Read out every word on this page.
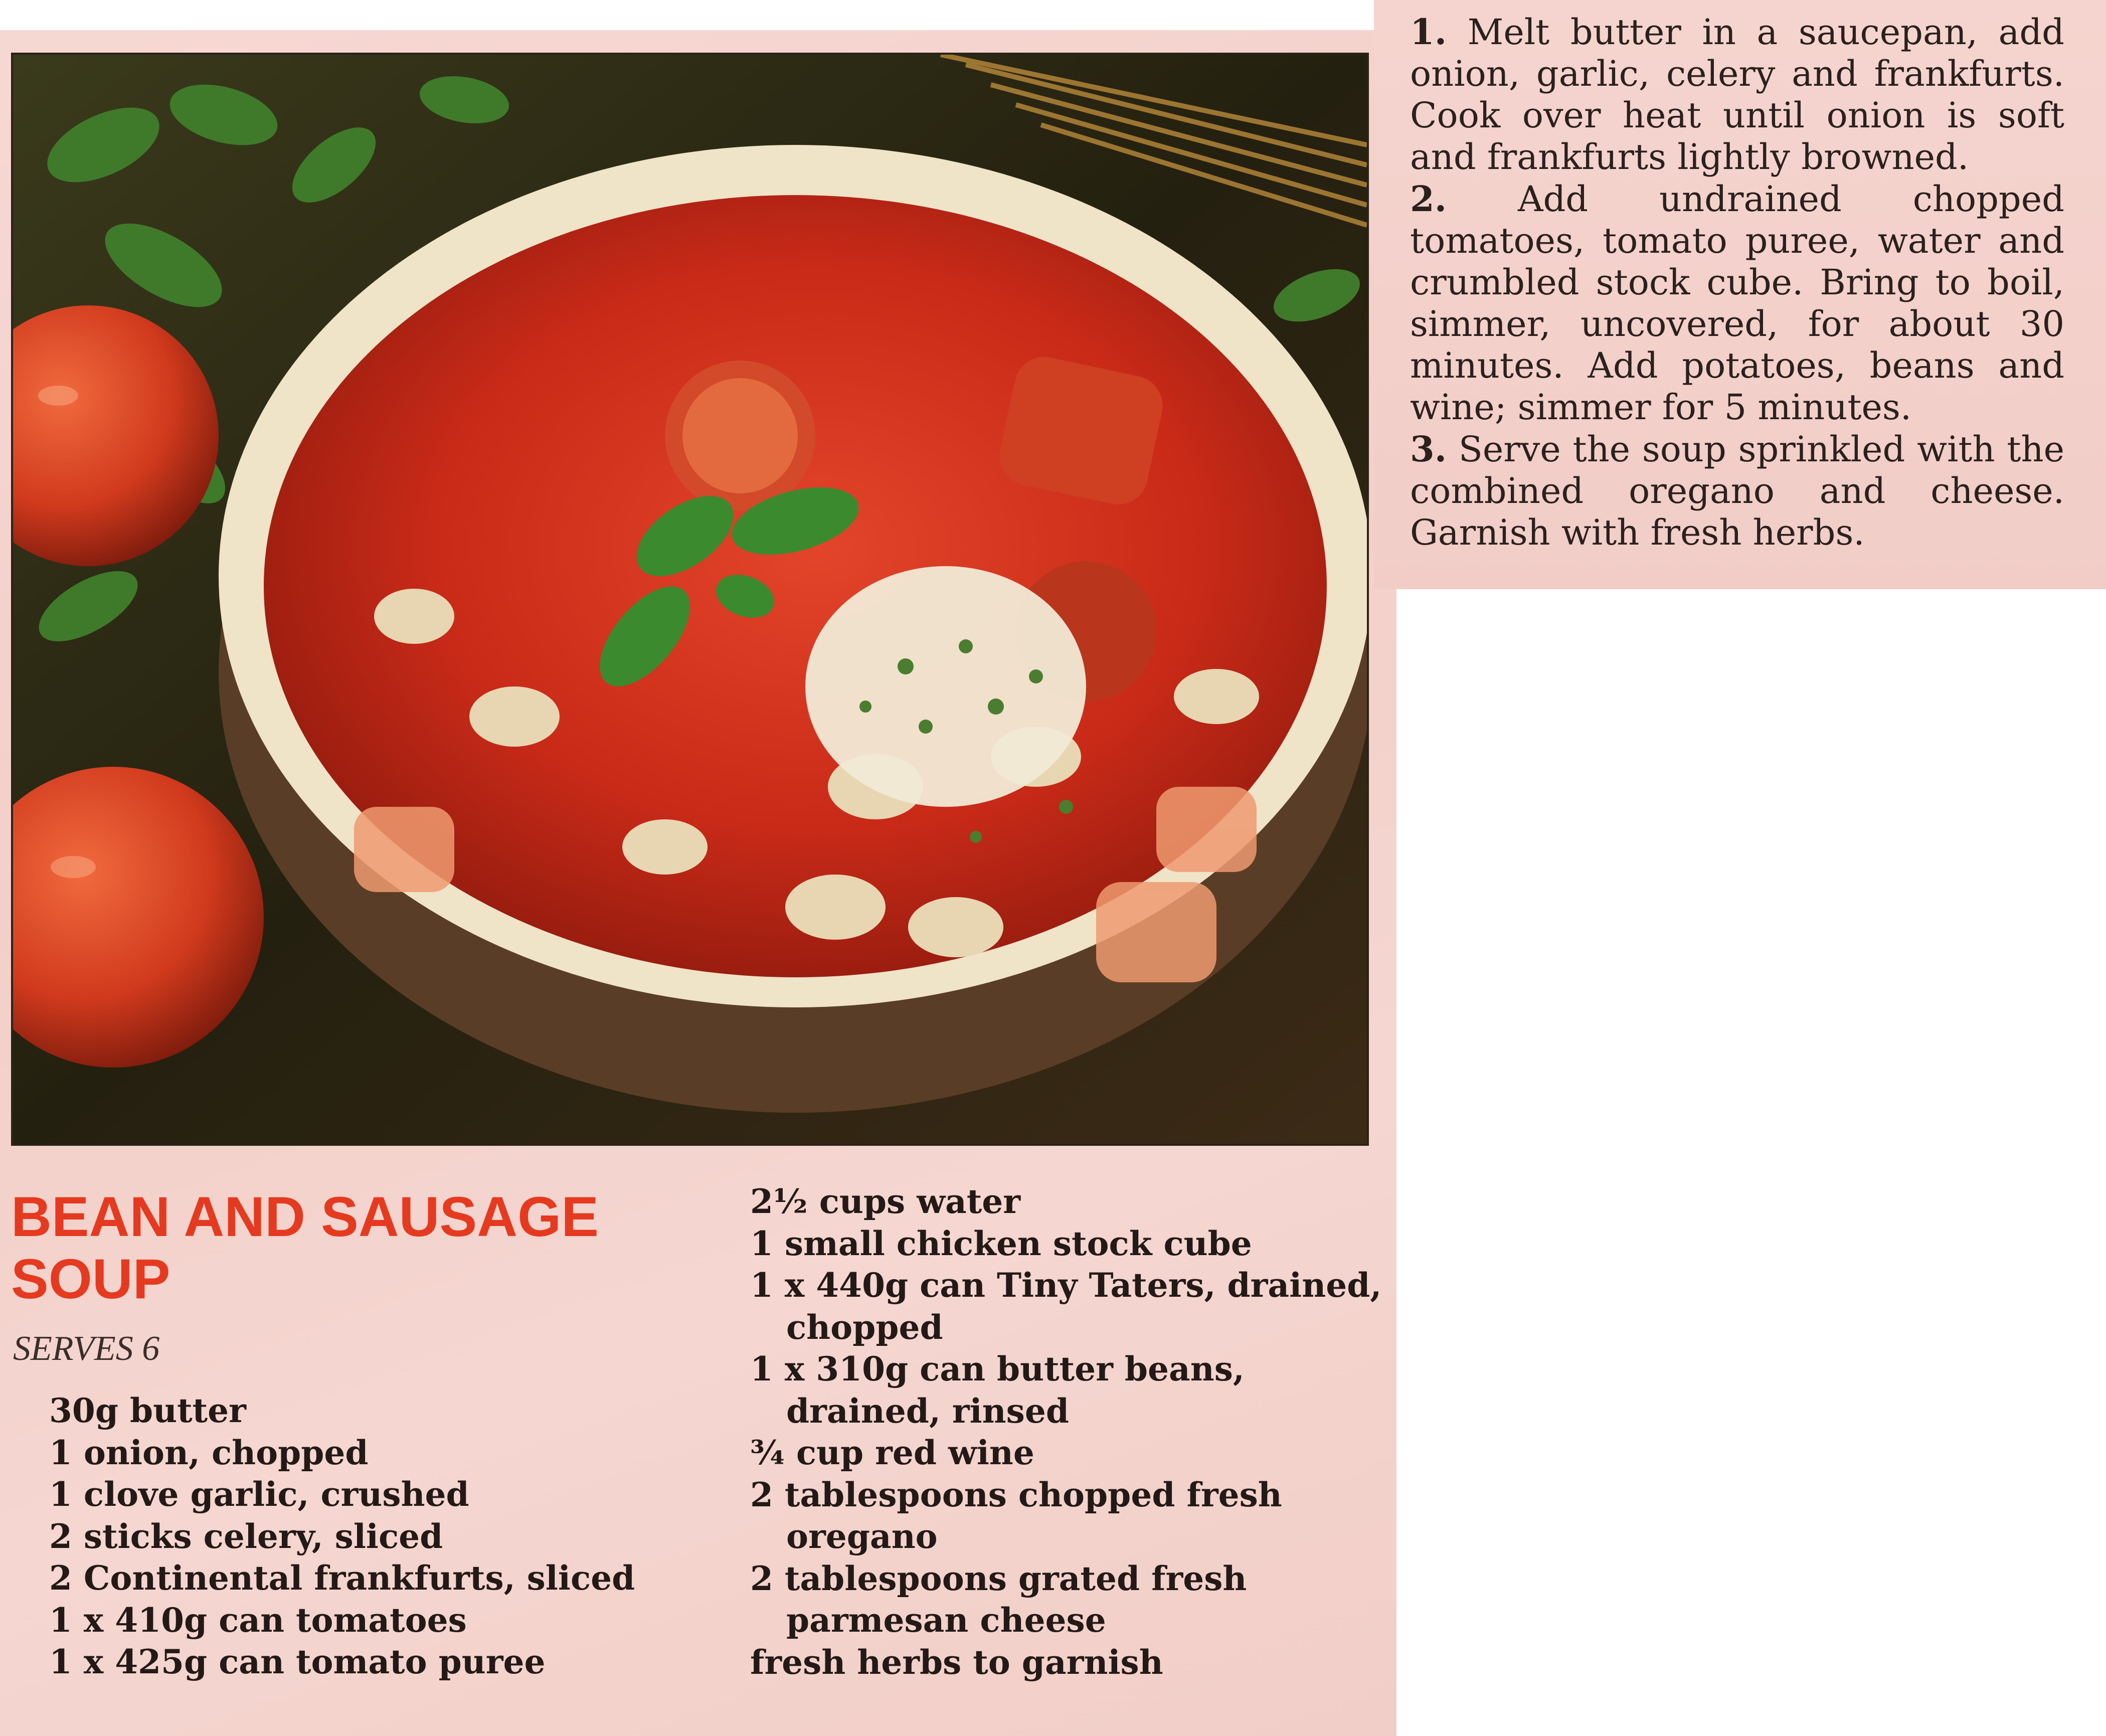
1. Melt butter in a saucepan, add onion, garlic, celery and frankfurts. Cook over heat until onion is soft and frankfurts lightly browned.

2. Add undrained chopped tomatoes, tomato puree, water and crumbled stock cube. Bring to boil, simmer, uncovered, for about 30 minutes. Add potatoes, beans and wine; simmer for 5 minutes.

3. Serve the soup sprinkled with the combined oregano and cheese. Garnish with fresh herbs.

BEAN AND SAUSAGE
SOUP
SERVES 6
30g butter
1 onion, chopped
1 clove garlic, crushed
2 sticks celery, sliced
2 Continental frankfurts, sliced
1 x 410g can tomatoes
1 x 425g can tomato puree
2½ cups water
1 small chicken stock cube
1 x 440g can Tiny Taters, drained, chopped
1 x 310g can butter beans, drained, rinsed
¾ cup red wine
2 tablespoons chopped fresh oregano
2 tablespoons grated fresh parmesan cheese
fresh herbs to garnish
